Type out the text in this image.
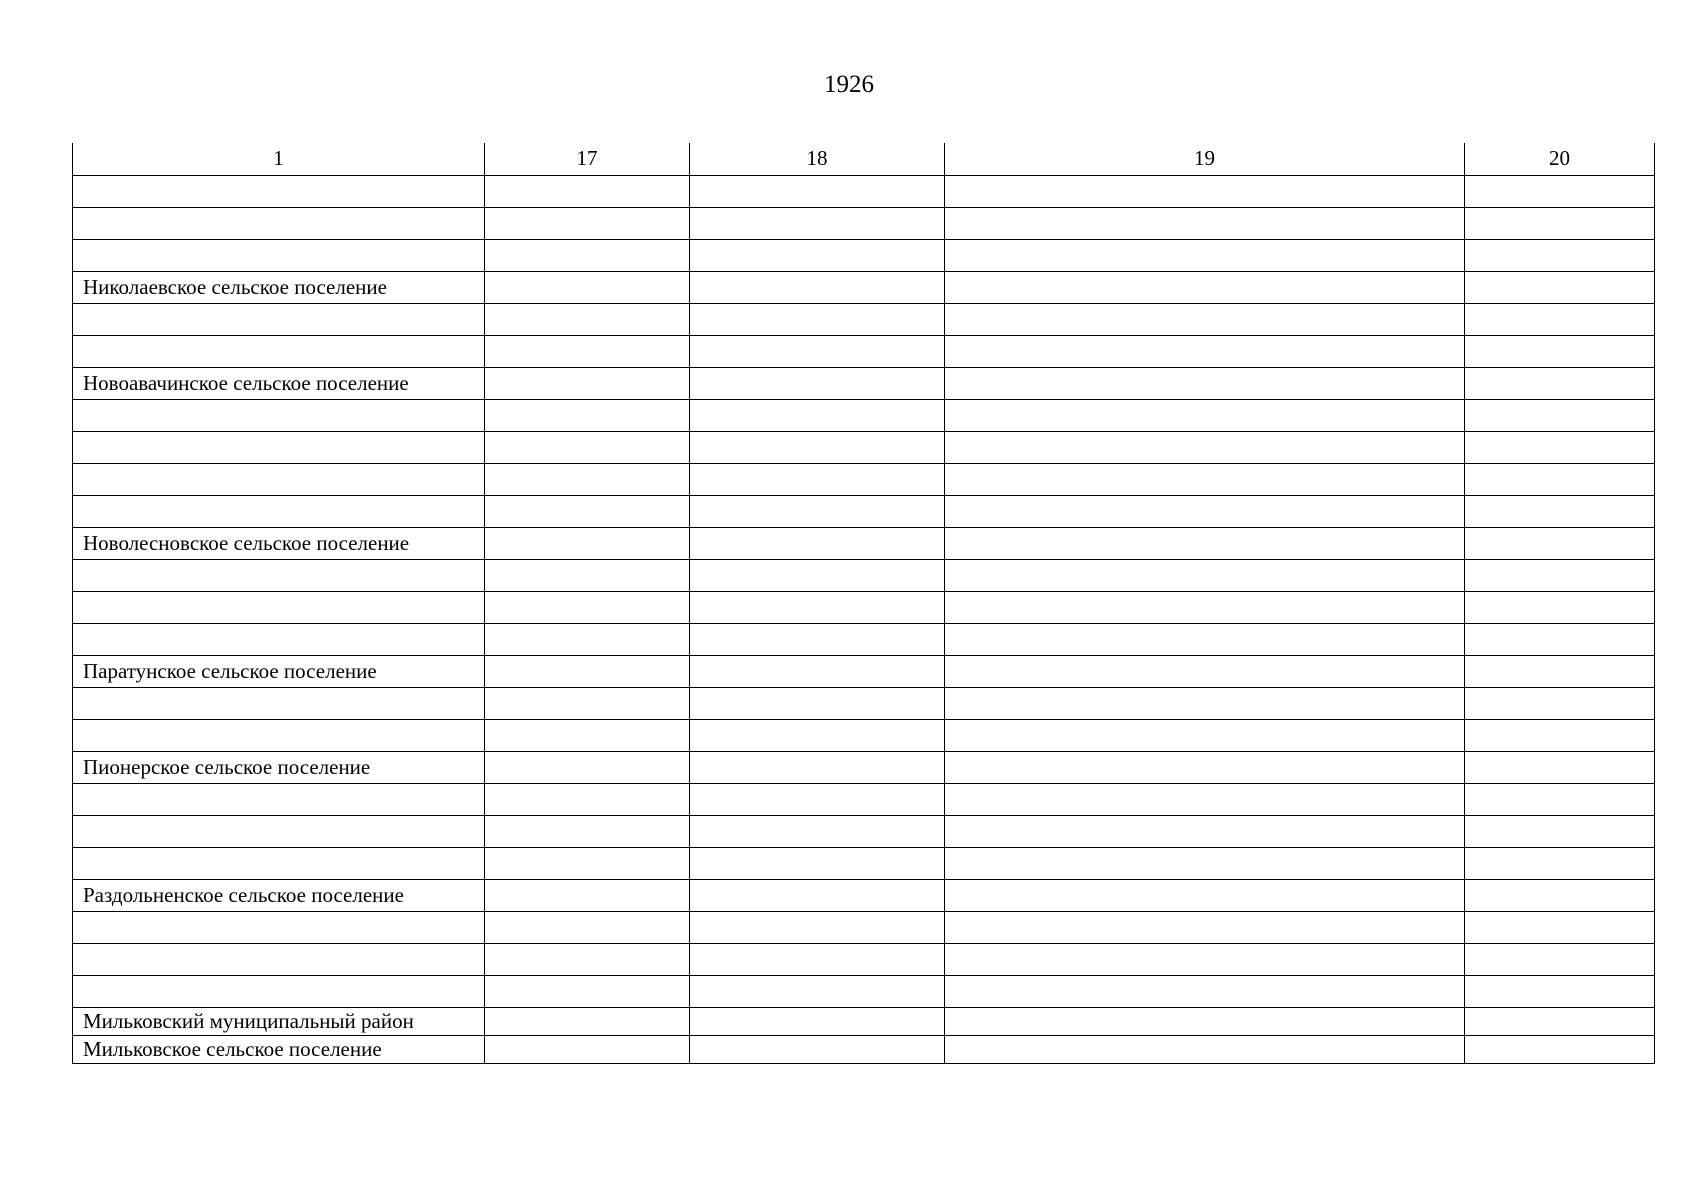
1926
1	17	18	19	20

Николаевское сельское поселение				

Новоавачинское сельское поселение				

Новолесновское сельское поселение				

Паратунское сельское поселение				

Пионерское сельское поселение				

Раздольненское сельское поселение				

Мильковский муниципальный район				
Мильковское сельское поселение				
